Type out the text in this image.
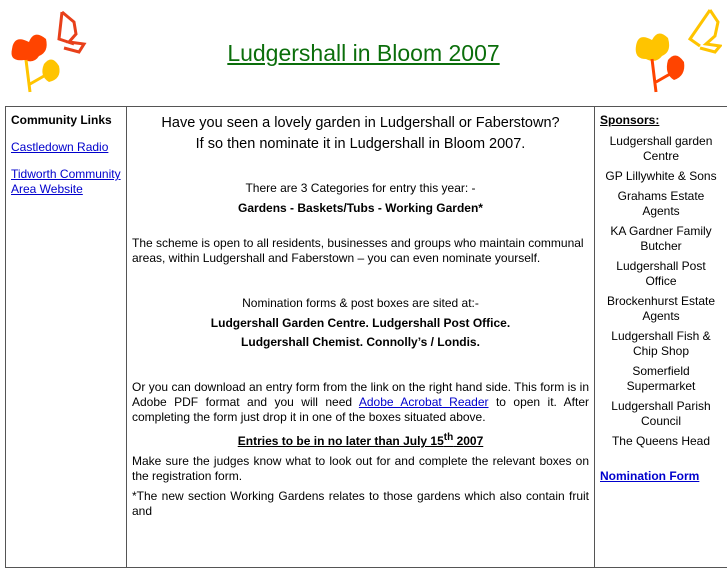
Ludgershall in Bloom 2007

Community Links

Castledown Radio

Tidworth Community Area Website

Have you seen a lovely garden in Ludgershall or Faberstown?

If so then nominate it in Ludgershall in Bloom 2007.

There are 3 Categories for entry this year: -

Gardens - Baskets/Tubs - Working Garden*

The scheme is open to all residents, businesses and groups who maintain communal areas, within Ludgershall and Faberstown – you can even nominate yourself.

Nomination forms & post boxes are sited at:-

Ludgershall Garden Centre. Ludgershall Post Office.

Ludgershall Chemist. Connolly’s / Londis.

Or you can download an entry form from the link on the right hand side. This form is in Adobe PDF format and you will need Adobe Acrobat Reader to open it. After completing the form just drop it in one of the boxes situated above.

Entries to be in no later than July 15th 2007

Make sure the judges know what to look out for and complete the relevant boxes on the registration form.

*The new section Working Gardens relates to those gardens which also contain fruit and

Sponsors:

Ludgershall garden Centre

GP Lillywhite & Sons

Grahams Estate Agents

KA Gardner Family Butcher

Ludgershall Post Office

Brockenhurst Estate Agents

Ludgershall Fish & Chip Shop

Somerfield Supermarket

Ludgershall Parish Council

The Queens Head

Nomination Form
